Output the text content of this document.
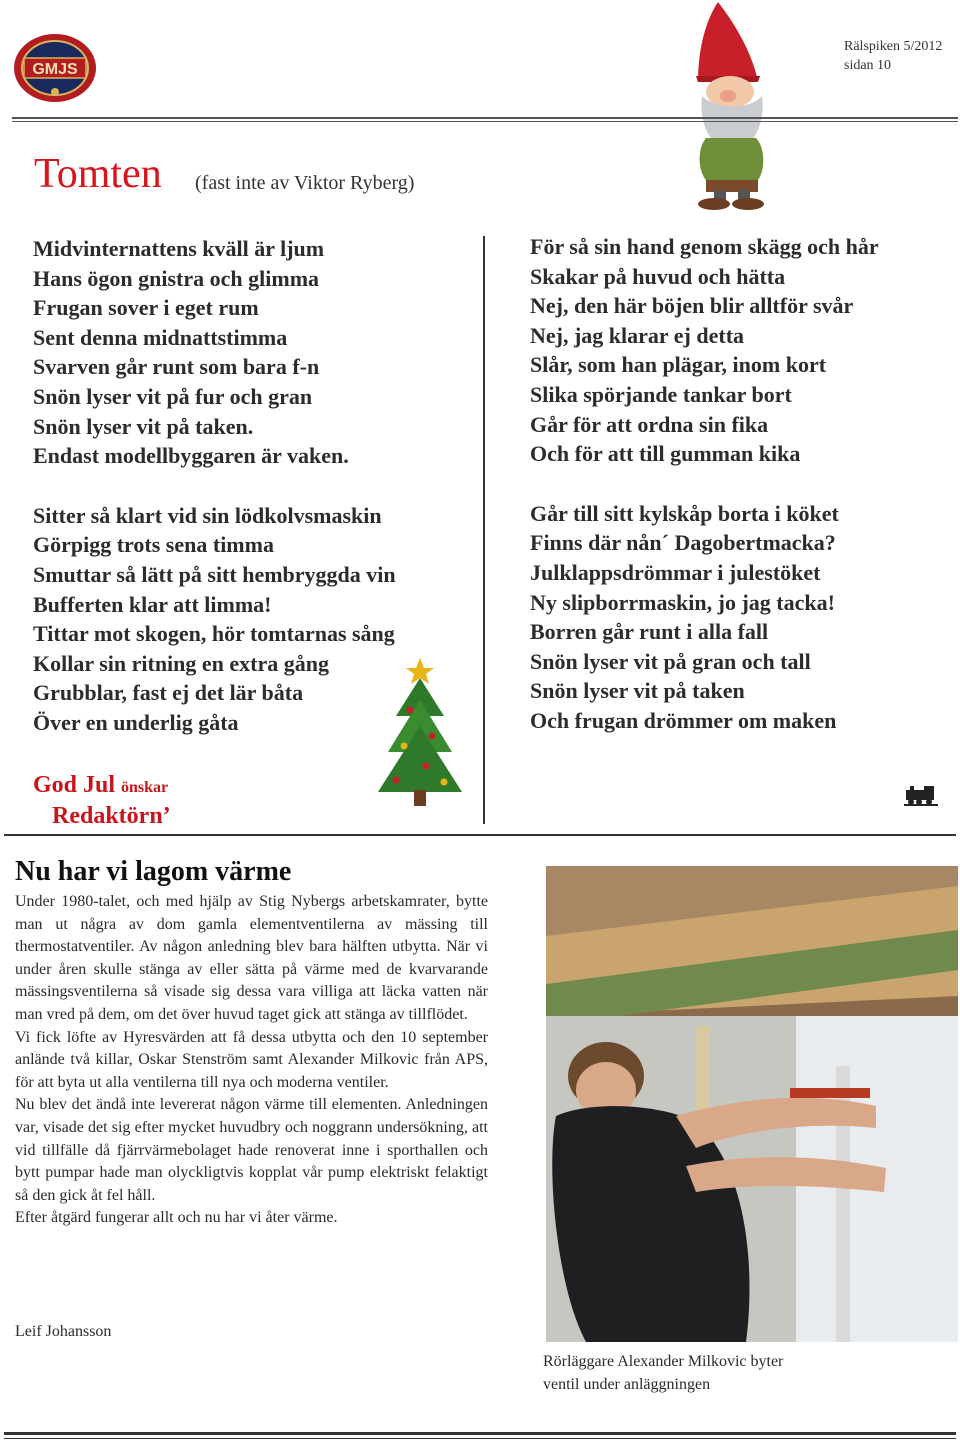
GMJS
Rälspiken 5/2012
sidan 10
Tomten (fast inte av Viktor Ryberg)
Midvinternattens kväll är ljum
Hans ögon gnistra och glimma
Frugan sover i eget rum
Sent denna midnattstimma
Svarven går runt som bara f-n
Snön lyser vit på fur och gran
Snön lyser vit på taken.
Endast modellbyggaren är vaken.
Sitter så klart vid sin lödkolvsmaskin
Görpigg trots sena timma
Smuttar så lätt på sitt hembryggda vin
Bufferten klar att limma!
Tittar mot skogen, hör tomtarnas sång
Kollar sin ritning en extra gång
Grubblar, fast ej det lär båta
Över en underlig gåta
För så sin hand genom skägg och hår
Skakar på huvud och hätta
Nej, den här böjen blir alltför svår
Nej, jag klarar ej detta
Slår, som han plägar, inom kort
Slika spörjande tankar bort
Går för att ordna sin fika
Och för att till gumman kika
Går till sitt kylskåp borta i köket
Finns där nån´ Dagobertmacka?
Julklappsdrömmar i julestöket
Ny slipborrmaskin, jo jag tacka!
Borren går runt i alla fall
Snön lyser vit på gran och tall
Snön lyser vit på taken
Och frugan drömmer om maken
God Jul önskar
Redaktörn’
Nu har vi lagom värme

Under 1980-talet, och med hjälp av Stig Nybergs arbetskamrater, bytte man ut några av dom gamla elementventilerna av mässing till thermostatventiler. Av någon anledning blev bara hälften utbytta. När vi under åren skulle stänga av eller sätta på värme med de kvarvarande mässingsventilerna så visade sig dessa vara villiga att läcka vatten när man vred på dem, om det över huvud taget gick att stänga av tillflödet.

Vi fick löfte av Hyresvärden att få dessa utbytta och den 10 september anlände två killar, Oskar Stenström samt Alexander Milkovic från APS, för att byta ut alla ventilerna till nya och moderna ventiler.

Nu blev det ändå inte levererat någon värme till elementen. Anledningen var, visade det sig efter mycket huvudbry och noggrann undersökning, att vid tillfälle då fjärrvärmebolaget hade renoverat inne i sporthallen och bytt pumpar hade man olyckligtvis kopplat vår pump elektriskt felaktigt så den gick åt fel håll.

Efter åtgärd fungerar allt och nu har vi åter värme.

Leif Johansson
Rörläggare Alexander Milkovic byter
ventil under anläggningen
